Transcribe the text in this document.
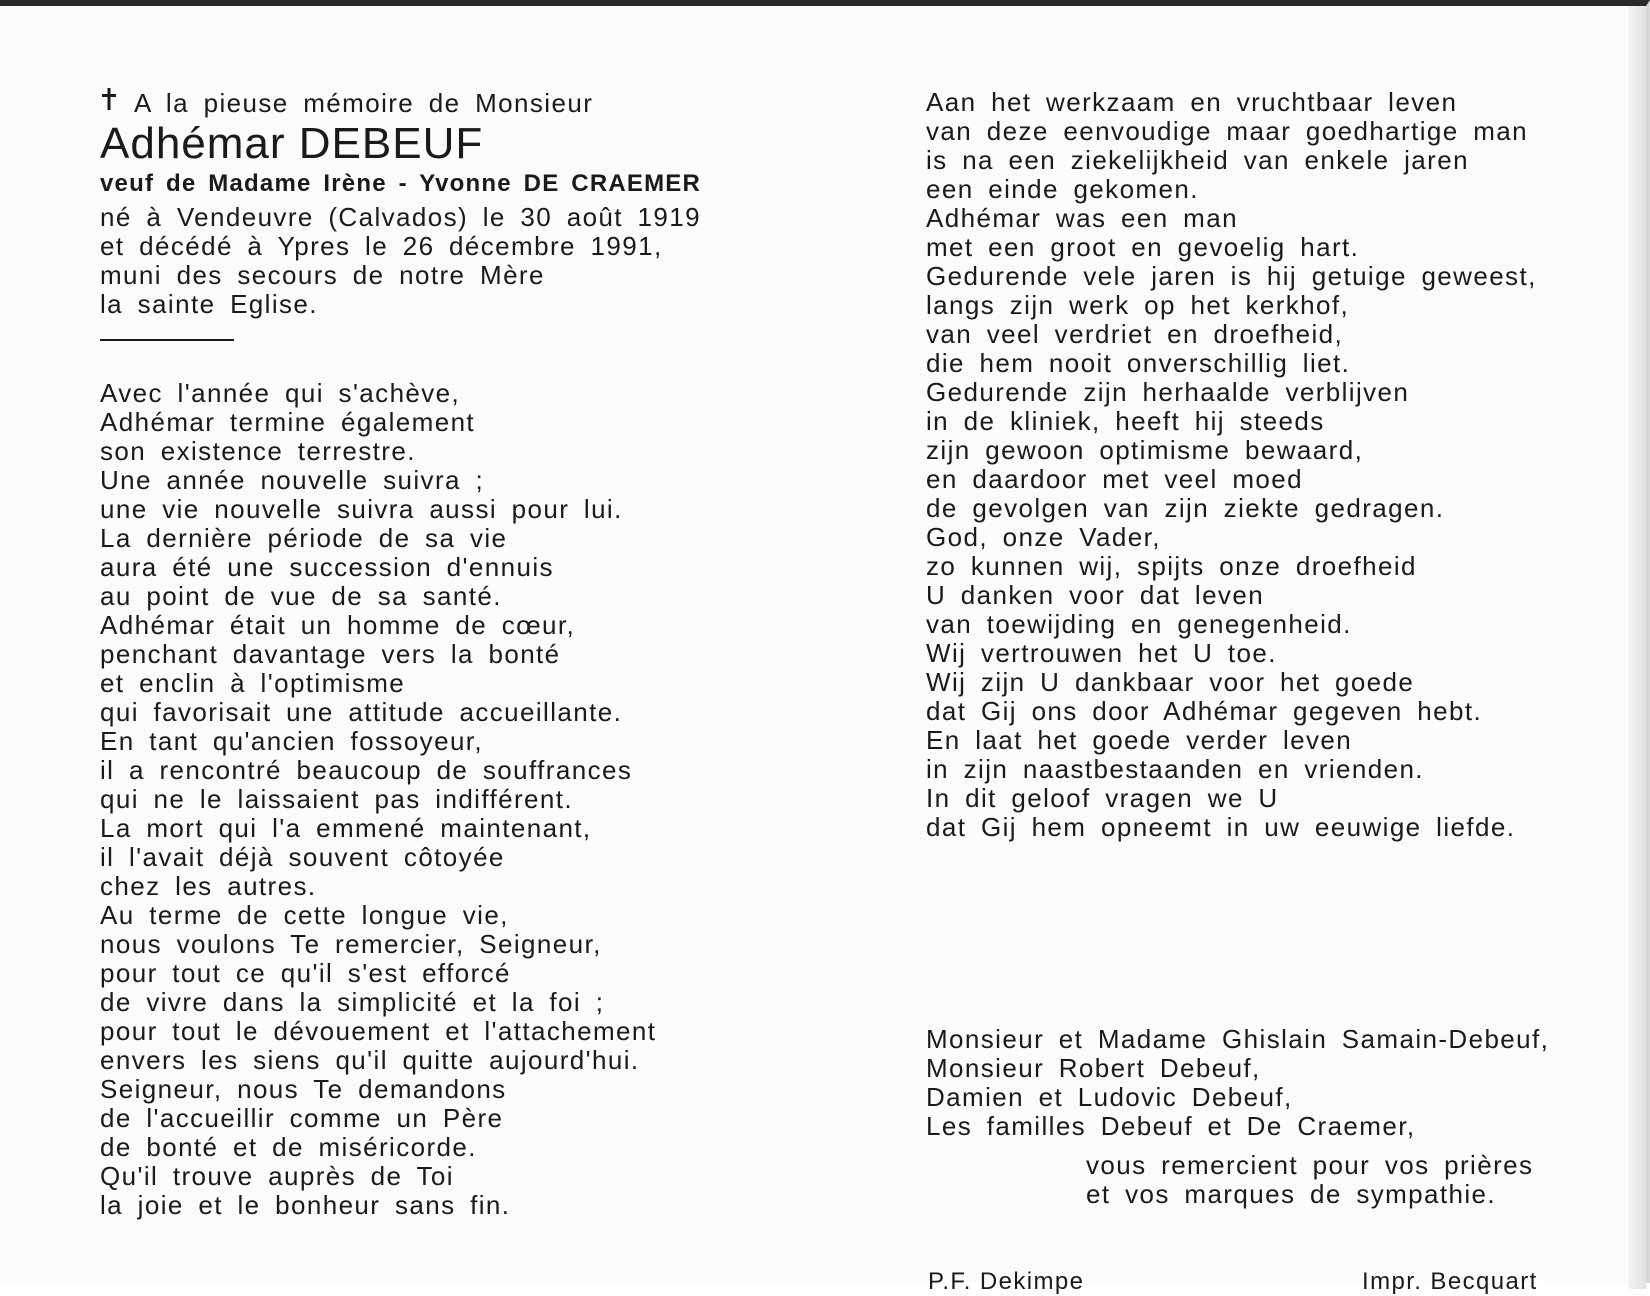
A la pieuse mémoire de Monsieur
Adhémar DEBEUF
veuf de Madame Irène - Yvonne DE CRAEMER
né à Vendeuvre (Calvados) le 30 août 1919
et décédé à Ypres le 26 décembre 1991,
muni des secours de notre Mère
la sainte Eglise.
Avec l'année qui s'achève,
Adhémar termine également
son existence terrestre.
Une année nouvelle suivra ;
une vie nouvelle suivra aussi pour lui.
La dernière période de sa vie
aura été une succession d'ennuis
au point de vue de sa santé.
Adhémar était un homme de cœur,
penchant davantage vers la bonté
et enclin à l'optimisme
qui favorisait une attitude accueillante.
En tant qu'ancien fossoyeur,
il a rencontré beaucoup de souffrances
qui ne le laissaient pas indifférent.
La mort qui l'a emmené maintenant,
il l'avait déjà souvent côtoyée
chez les autres.
Au terme de cette longue vie,
nous voulons Te remercier, Seigneur,
pour tout ce qu'il s'est efforcé
de vivre dans la simplicité et la foi ;
pour tout le dévouement et l'attachement
envers les siens qu'il quitte aujourd'hui.
Seigneur, nous Te demandons
de l'accueillir comme un Père
de bonté et de miséricorde.
Qu'il trouve auprès de Toi
la joie et le bonheur sans fin.
Aan het werkzaam en vruchtbaar leven
van deze eenvoudige maar goedhartige man
is na een ziekelijkheid van enkele jaren
een einde gekomen.
Adhémar was een man
met een groot en gevoelig hart.
Gedurende vele jaren is hij getuige geweest,
langs zijn werk op het kerkhof,
van veel verdriet en droefheid,
die hem nooit onverschillig liet.
Gedurende zijn herhaalde verblijven
in de kliniek, heeft hij steeds
zijn gewoon optimisme bewaard,
en daardoor met veel moed
de gevolgen van zijn ziekte gedragen.
God, onze Vader,
zo kunnen wij, spijts onze droefheid
U danken voor dat leven
van toewijding en genegenheid.
Wij vertrouwen het U toe.
Wij zijn U dankbaar voor het goede
dat Gij ons door Adhémar gegeven hebt.
En laat het goede verder leven
in zijn naastbestaanden en vrienden.
In dit geloof vragen we U
dat Gij hem opneemt in uw eeuwige liefde.
Monsieur et Madame Ghislain Samain-Debeuf,
Monsieur Robert Debeuf,
Damien et Ludovic Debeuf,
Les familles Debeuf et De Craemer,
vous remercient pour vos prières
et vos marques de sympathie.
P.F. Dekimpe	Impr. Becquart
